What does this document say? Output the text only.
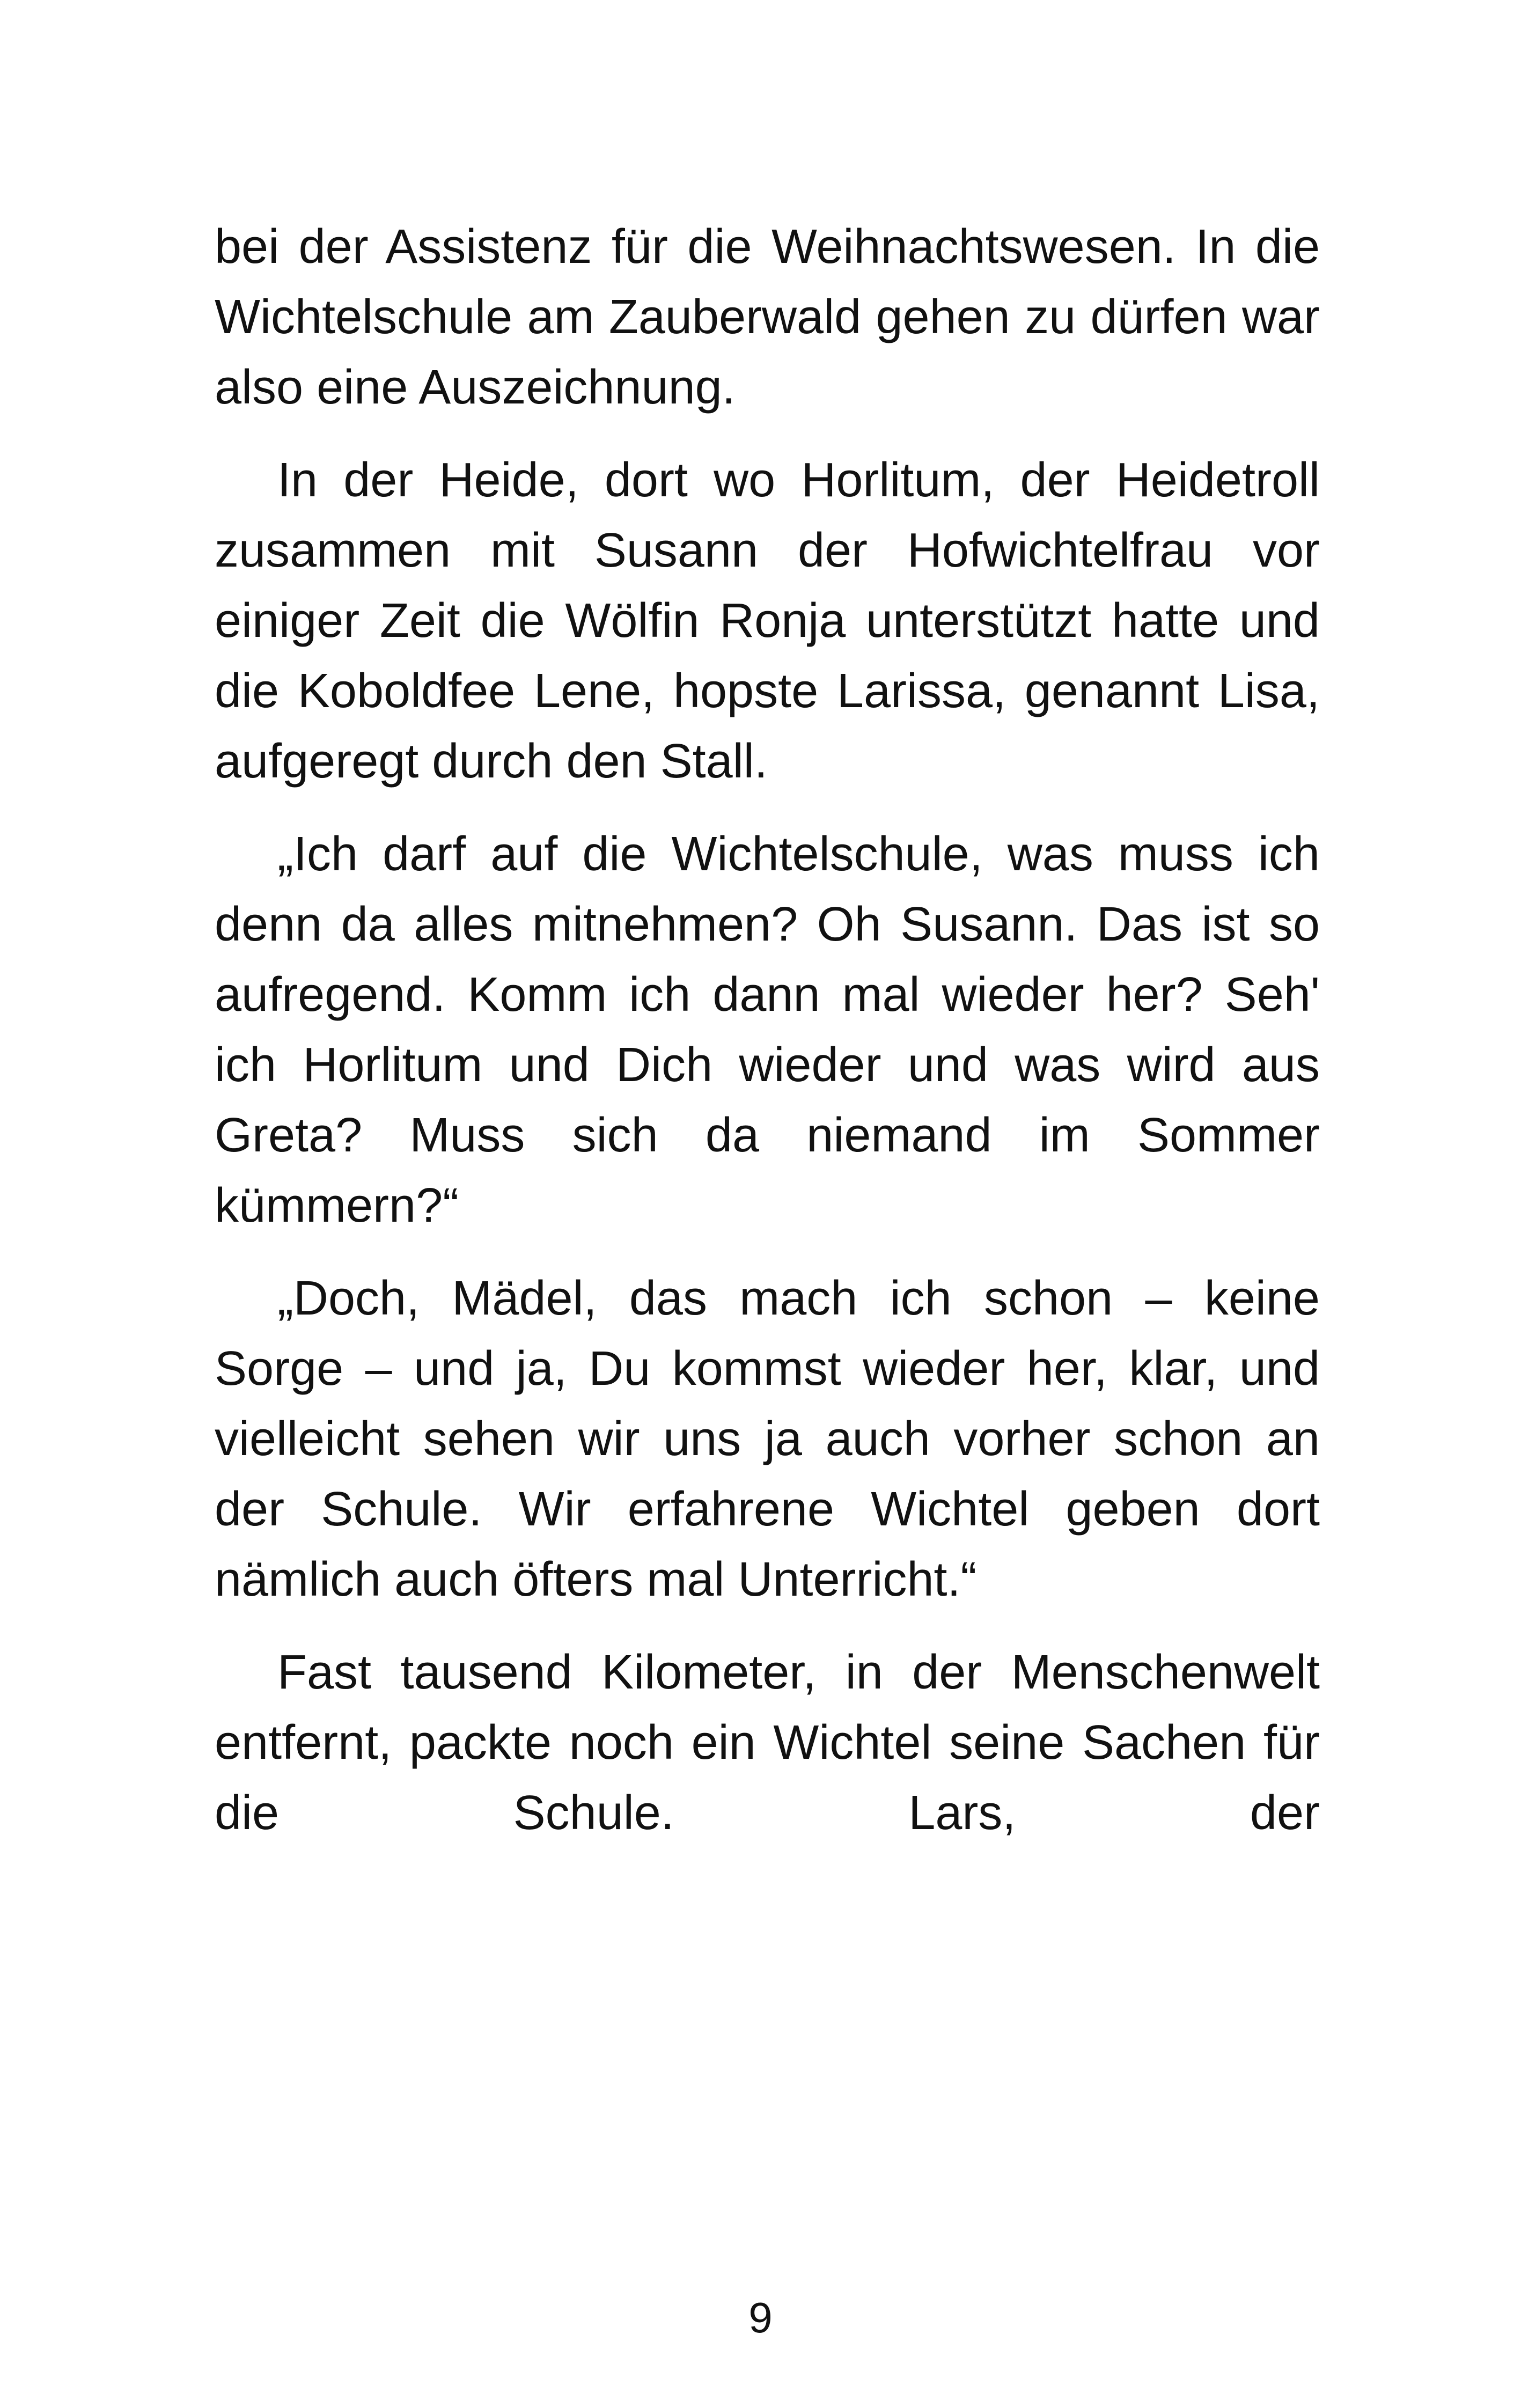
bei der Assistenz für die Weihnachtswesen. In die Wichtelschule am Zauberwald gehen zu dürfen war also eine Auszeichnung.

In der Heide, dort wo Horlitum, der Heidetroll zusammen mit Susann der Hofwichtelfrau vor einiger Zeit die Wölfin Ronja unterstützt hatte und die Koboldfee Lene, hopste Larissa, genannt Lisa, aufgeregt durch den Stall.

„Ich darf auf die Wichtelschule, was muss ich denn da alles mitnehmen? Oh Susann. Das ist so aufregend. Komm ich dann mal wieder her? Seh' ich Horlitum und Dich wieder und was wird aus Greta? Muss sich da niemand im Sommer kümmern?“

„Doch, Mädel, das mach ich schon – keine Sorge – und ja, Du kommst wieder her, klar, und vielleicht sehen wir uns ja auch vorher schon an der Schule. Wir erfahrene Wichtel geben dort nämlich auch öfters mal Unterricht.“

Fast tausend Kilometer, in der Menschenwelt entfernt, packte noch ein Wichtel seine Sachen für die Schule. Lars, der

9
